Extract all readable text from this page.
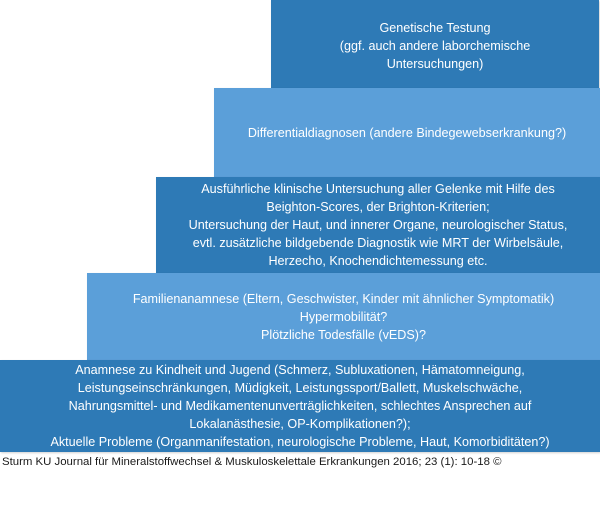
Genetische Testung
(ggf. auch andere laborchemische
Untersuchungen)
Differentialdiagnosen (andere Bindegewebserkrankung?)
Ausführliche klinische Untersuchung aller Gelenke mit Hilfe des
Beighton-Scores, der Brighton-Kriterien;
Untersuchung der Haut, und innerer Organe, neurologischer Status,
evtl. zusätzliche bildgebende Diagnostik wie MRT der Wirbelsäule,
Herzecho, Knochendichtemessung etc.
Familienanamnese (Eltern, Geschwister, Kinder mit ähnlicher Symptomatik)
Hypermobilität?
Plötzliche Todesfälle (vEDS)?
Anamnese zu Kindheit und Jugend (Schmerz, Subluxationen, Hämatomneigung,
Leistungseinschränkungen, Müdigkeit, Leistungssport/Ballett, Muskelschwäche,
Nahrungsmittel- und Medikamentenunverträglichkeiten, schlechtes Ansprechen auf
Lokalanästhesie, OP-Komplikationen?);
Aktuelle Probleme (Organmanifestation, neurologische Probleme, Haut, Komorbiditäten?)
Sturm KU Journal für Mineralstoffwechsel & Muskuloskelettale Erkrankungen 2016; 23 (1): 10-18 ©
